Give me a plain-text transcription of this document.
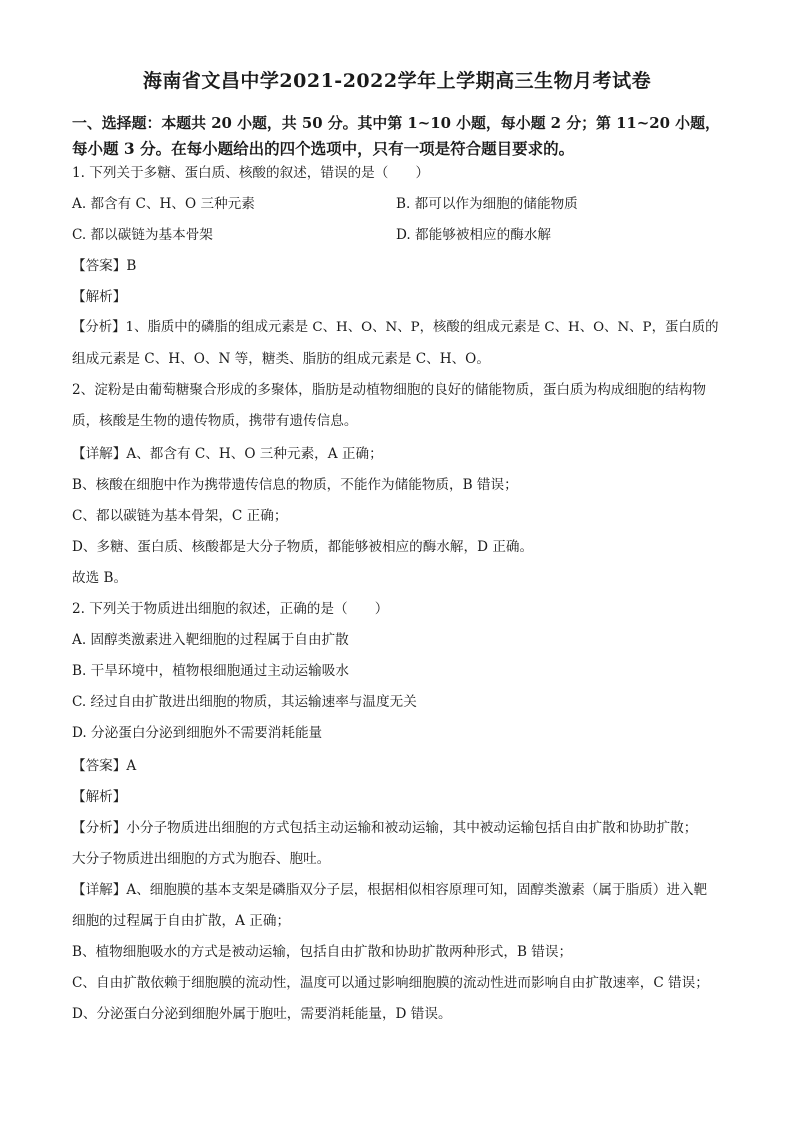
海南省文昌中学2021-2022学年上学期高三生物月考试卷
一、选择题：本题共 20 小题，共 50 分。其中第 1~10 小题，每小题 2 分；第 11~20 小题，
每小题 3 分。在每小题给出的四个选项中，只有一项是符合题目要求的。
1. 下列关于多糖、蛋白质、核酸的叙述，错误的是（　　）
A. 都含有 C、H、O 三种元素	B. 都可以作为细胞的储能物质
C. 都以碳链为基本骨架	D. 都能够被相应的酶水解
【答案】B
【解析】
【分析】1、脂质中的磷脂的组成元素是 C、H、O、N、P，核酸的组成元素是 C、H、O、N、P，蛋白质的
组成元素是 C、H、O、N 等，糖类、脂肪的组成元素是 C、H、O。
2、淀粉是由葡萄糖聚合形成的多聚体，脂肪是动植物细胞的良好的储能物质，蛋白质为构成细胞的结构物
质，核酸是生物的遗传物质，携带有遗传信息。
【详解】A、都含有 C、H、O 三种元素，A 正确；
B、核酸在细胞中作为携带遗传信息的物质，不能作为储能物质，B 错误；
C、都以碳链为基本骨架，C 正确；
D、多糖、蛋白质、核酸都是大分子物质，都能够被相应的酶水解，D 正确。
故选 B。
2. 下列关于物质进出细胞的叙述，正确的是（　　）
A. 固醇类激素进入靶细胞的过程属于自由扩散
B. 干旱环境中，植物根细胞通过主动运输吸水
C. 经过自由扩散进出细胞的物质，其运输速率与温度无关
D. 分泌蛋白分泌到细胞外不需要消耗能量
【答案】A
【解析】
【分析】小分子物质进出细胞的方式包括主动运输和被动运输，其中被动运输包括自由扩散和协助扩散；
大分子物质进出细胞的方式为胞吞、胞吐。
【详解】A、细胞膜的基本支架是磷脂双分子层，根据相似相容原理可知，固醇类激素（属于脂质）进入靶
细胞的过程属于自由扩散，A 正确；
B、植物细胞吸水的方式是被动运输，包括自由扩散和协助扩散两种形式，B 错误；
C、自由扩散依赖于细胞膜的流动性，温度可以通过影响细胞膜的流动性进而影响自由扩散速率，C 错误；
D、分泌蛋白分泌到细胞外属于胞吐，需要消耗能量，D 错误。
